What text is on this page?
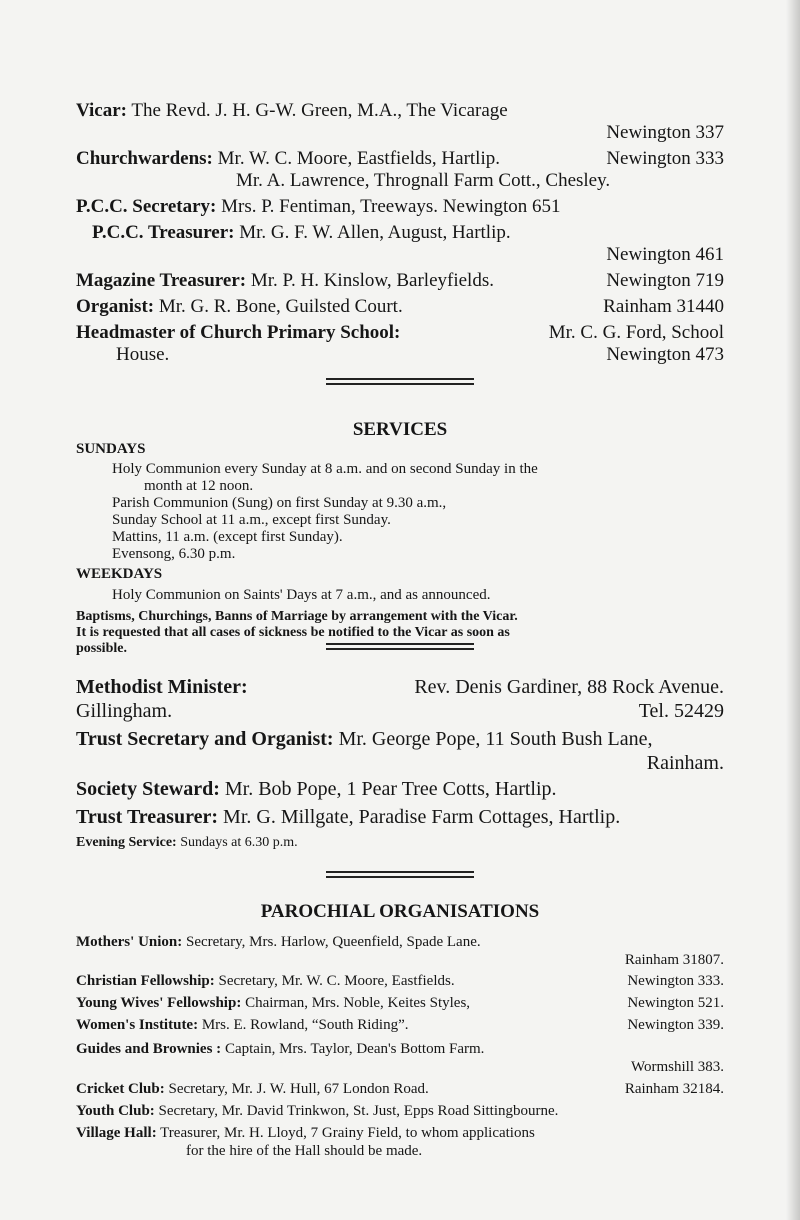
Vicar: The Revd. J. H. G-W. Green, M.A., The Vicarage
Newington 337
Churchwardens: Mr. W. C. Moore, Eastfields, Hartlip.	Newington 333
Mr. A. Lawrence, Thrognall Farm Cott., Chesley.
P.C.C. Secretary: Mrs. P. Fentiman, Treeways. Newington 651
P.C.C. Treasurer: Mr. G. F. W. Allen, August, Hartlip.
Newington 461
Magazine Treasurer: Mr. P. H. Kinslow, Barleyfields.	Newington 719
Organist: Mr. G. R. Bone, Guilsted Court.	Rainham 31440
Headmaster of Church Primary School:	Mr. C. G. Ford, School
House.	Newington 473
SERVICES
SUNDAYS
Holy Communion every Sunday at 8 a.m. and on second Sunday in the
month at 12 noon.
Parish Communion (Sung) on first Sunday at 9.30 a.m.,
Sunday School at 11 a.m., except first Sunday.
Mattins, 11 a.m. (except first Sunday).
Evensong, 6.30 p.m.
WEEKDAYS
Holy Communion on Saints' Days at 7 a.m., and as announced.
Baptisms, Churchings, Banns of Marriage by arrangement with the Vicar.
It is requested that all cases of sickness be notified to the Vicar as soon as
possible.
Methodist Minister:	Rev. Denis Gardiner, 88 Rock Avenue.
Gillingham.	Tel. 52429
Trust Secretary and Organist: Mr. George Pope, 11 South Bush Lane,
Rainham.
Society Steward: Mr. Bob Pope, 1 Pear Tree Cotts, Hartlip.
Trust Treasurer: Mr. G. Millgate, Paradise Farm Cottages, Hartlip.
Evening Service: Sundays at 6.30 p.m.
PAROCHIAL ORGANISATIONS
Mothers' Union: Secretary, Mrs. Harlow, Queenfield, Spade Lane.
Rainham 31807.
Christian Fellowship: Secretary, Mr. W. C. Moore, Eastfields.	Newington 333.
Young Wives' Fellowship: Chairman, Mrs. Noble, Keites Styles,	Newington 521.
Women's Institute: Mrs. E. Rowland, “South Riding”.	Newington 339.
Guides and Brownies : Captain, Mrs. Taylor, Dean's Bottom Farm.
Wormshill 383.
Cricket Club: Secretary, Mr. J. W. Hull, 67 London Road.	Rainham 32184.
Youth Club: Secretary, Mr. David Trinkwon, St. Just, Epps Road Sittingbourne.
Village Hall: Treasurer, Mr. H. Lloyd, 7 Grainy Field, to whom applications
for the hire of the Hall should be made.
